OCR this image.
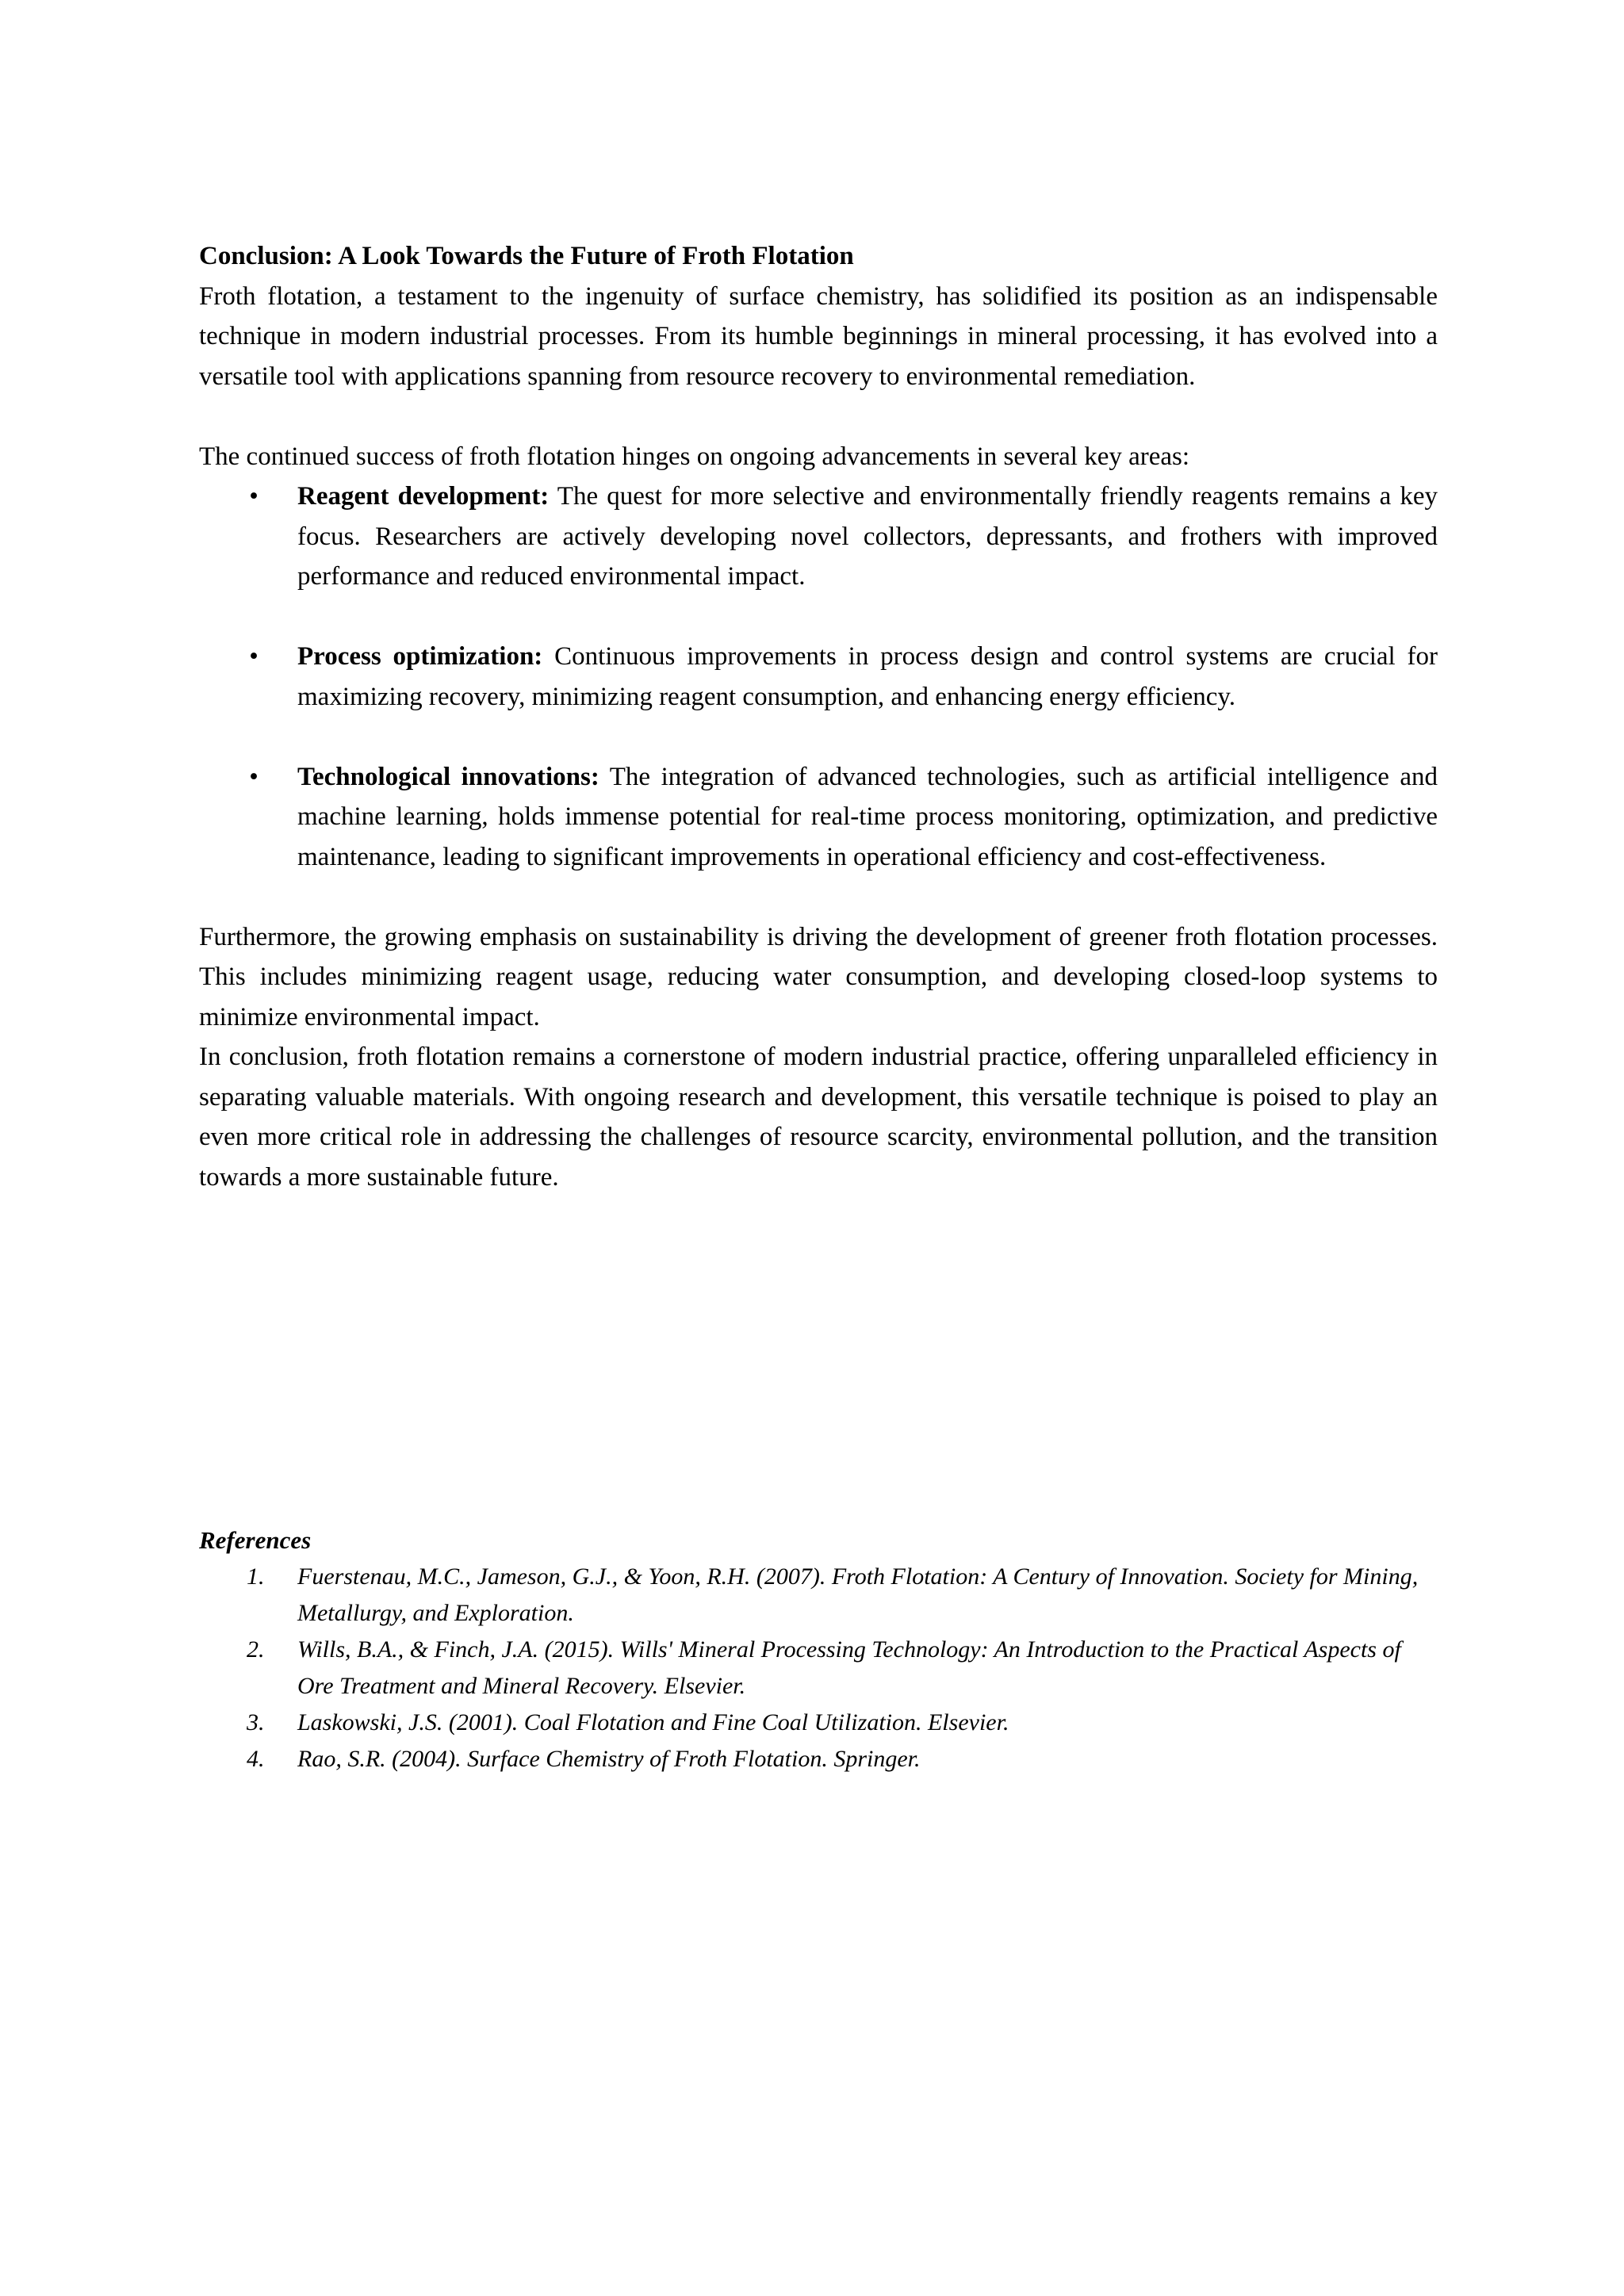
Conclusion: A Look Towards the Future of Froth Flotation

Froth flotation, a testament to the ingenuity of surface chemistry, has solidified its position as an indispensable technique in modern industrial processes. From its humble beginnings in mineral processing, it has evolved into a versatile tool with applications spanning from resource recovery to environmental remediation.

The continued success of froth flotation hinges on ongoing advancements in several key areas:

• Reagent development: The quest for more selective and environmentally friendly reagents remains a key focus. Researchers are actively developing novel collectors, depressants, and frothers with improved performance and reduced environmental impact.
• Process optimization: Continuous improvements in process design and control systems are crucial for maximizing recovery, minimizing reagent consumption, and enhancing energy efficiency.
• Technological innovations: The integration of advanced technologies, such as artificial intelligence and machine learning, holds immense potential for real-time process monitoring, optimization, and predictive maintenance, leading to significant improvements in operational efficiency and cost-effectiveness.

Furthermore, the growing emphasis on sustainability is driving the development of greener froth flotation processes. This includes minimizing reagent usage, reducing water consumption, and developing closed-loop systems to minimize environmental impact.

In conclusion, froth flotation remains a cornerstone of modern industrial practice, offering unparalleled efficiency in separating valuable materials. With ongoing research and development, this versatile technique is poised to play an even more critical role in addressing the challenges of resource scarcity, environmental pollution, and the transition towards a more sustainable future.

References
1. Fuerstenau, M.C., Jameson, G.J., & Yoon, R.H. (2007). Froth Flotation: A Century of Innovation. Society for Mining, Metallurgy, and Exploration.
2. Wills, B.A., & Finch, J.A. (2015). Wills' Mineral Processing Technology: An Introduction to the Practical Aspects of Ore Treatment and Mineral Recovery. Elsevier.
3. Laskowski, J.S. (2001). Coal Flotation and Fine Coal Utilization. Elsevier.
4. Rao, S.R. (2004). Surface Chemistry of Froth Flotation. Springer.
